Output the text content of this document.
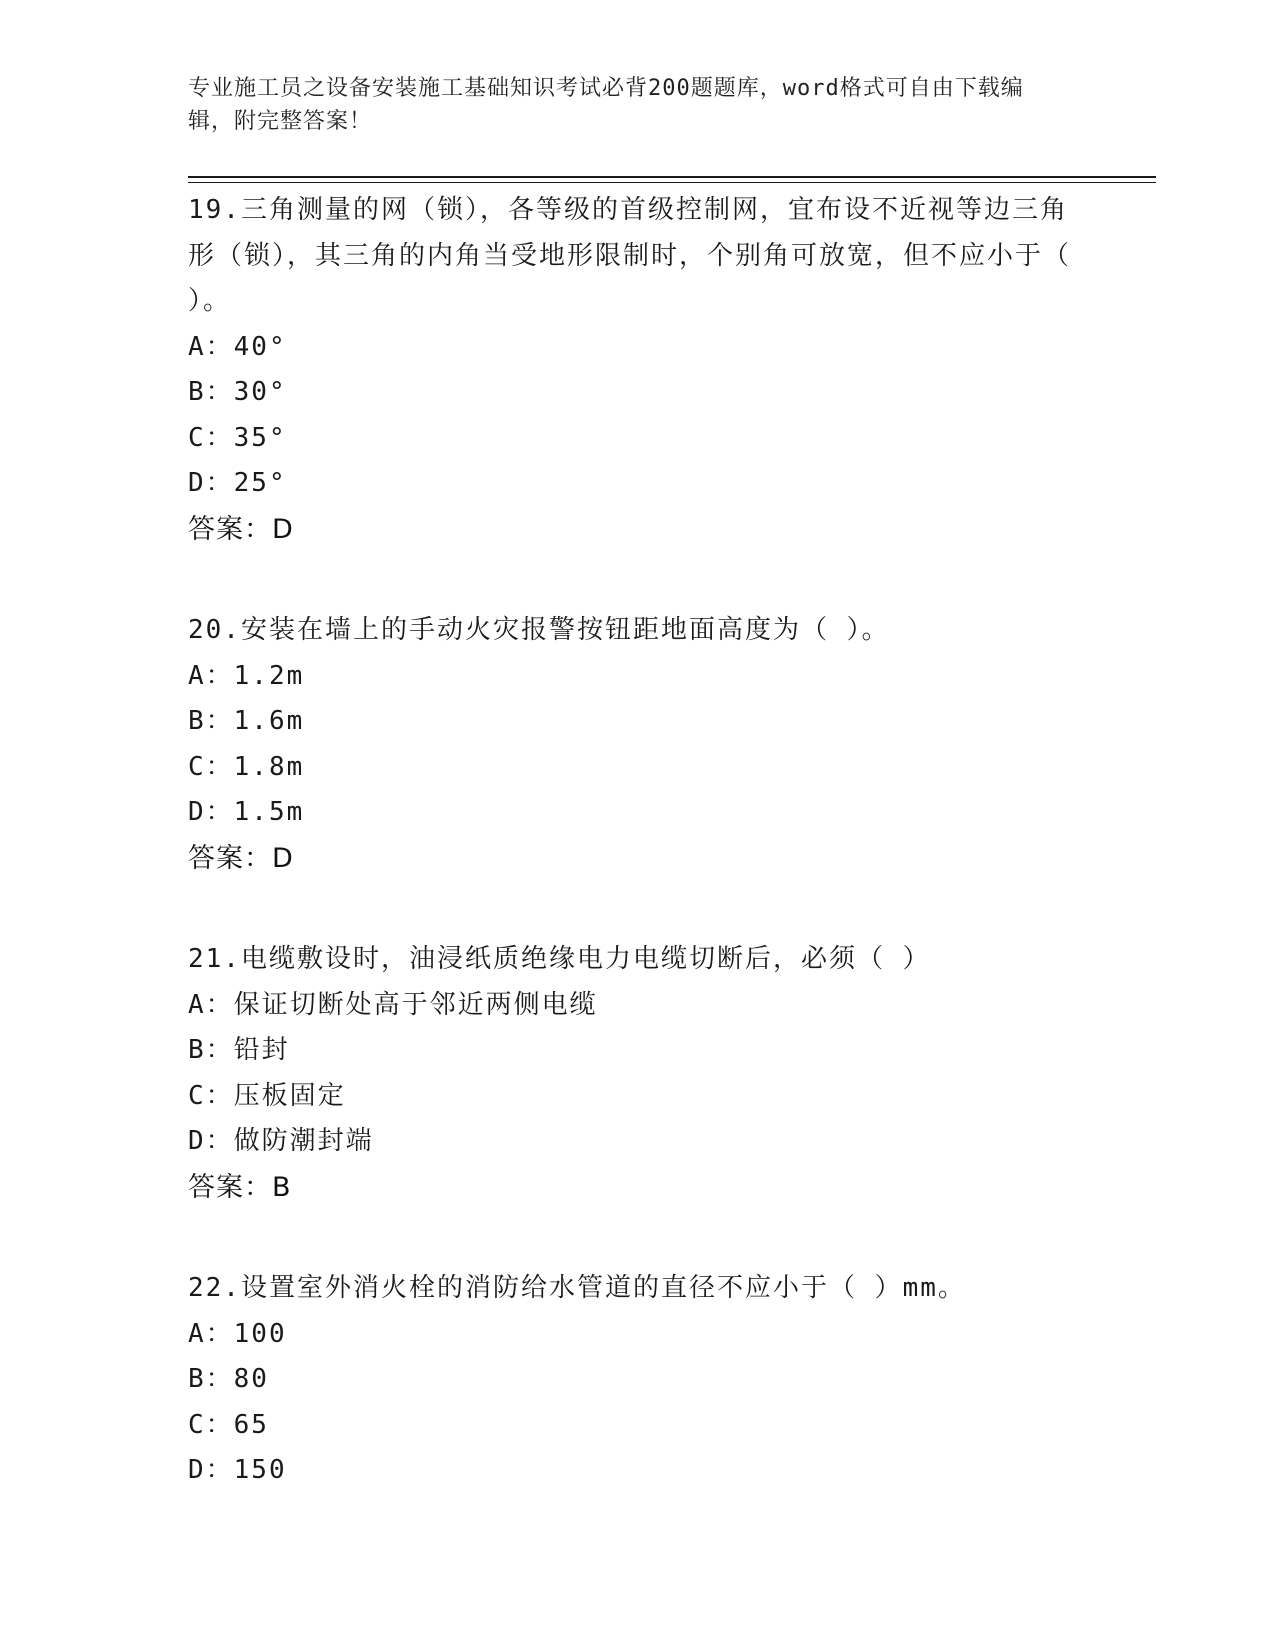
专业施工员之设备安装施工基础知识考试必背200题题库，word格式可自由下载编辑，附完整答案！
19.三角测量的网（锁），各等级的首级控制网，宜布设不近视等边三角形（锁），其三角的内角当受地形限制时，个别角可放宽，但不应小于（ ）。
A：40°
B：30°
C：35°
D：25°
答案：D
20.安装在墙上的手动火灾报警按钮距地面高度为（ ）。
A：1.2m
B：1.6m
C：1.8m
D：1.5m
答案：D
21.电缆敷设时，油浸纸质绝缘电力电缆切断后，必须（ ）
A：保证切断处高于邻近两侧电缆
B：铅封
C：压板固定
D：做防潮封端
答案：B
22.设置室外消火栓的消防给水管道的直径不应小于（ ）mm。
A：100
B：80
C：65
D：150
